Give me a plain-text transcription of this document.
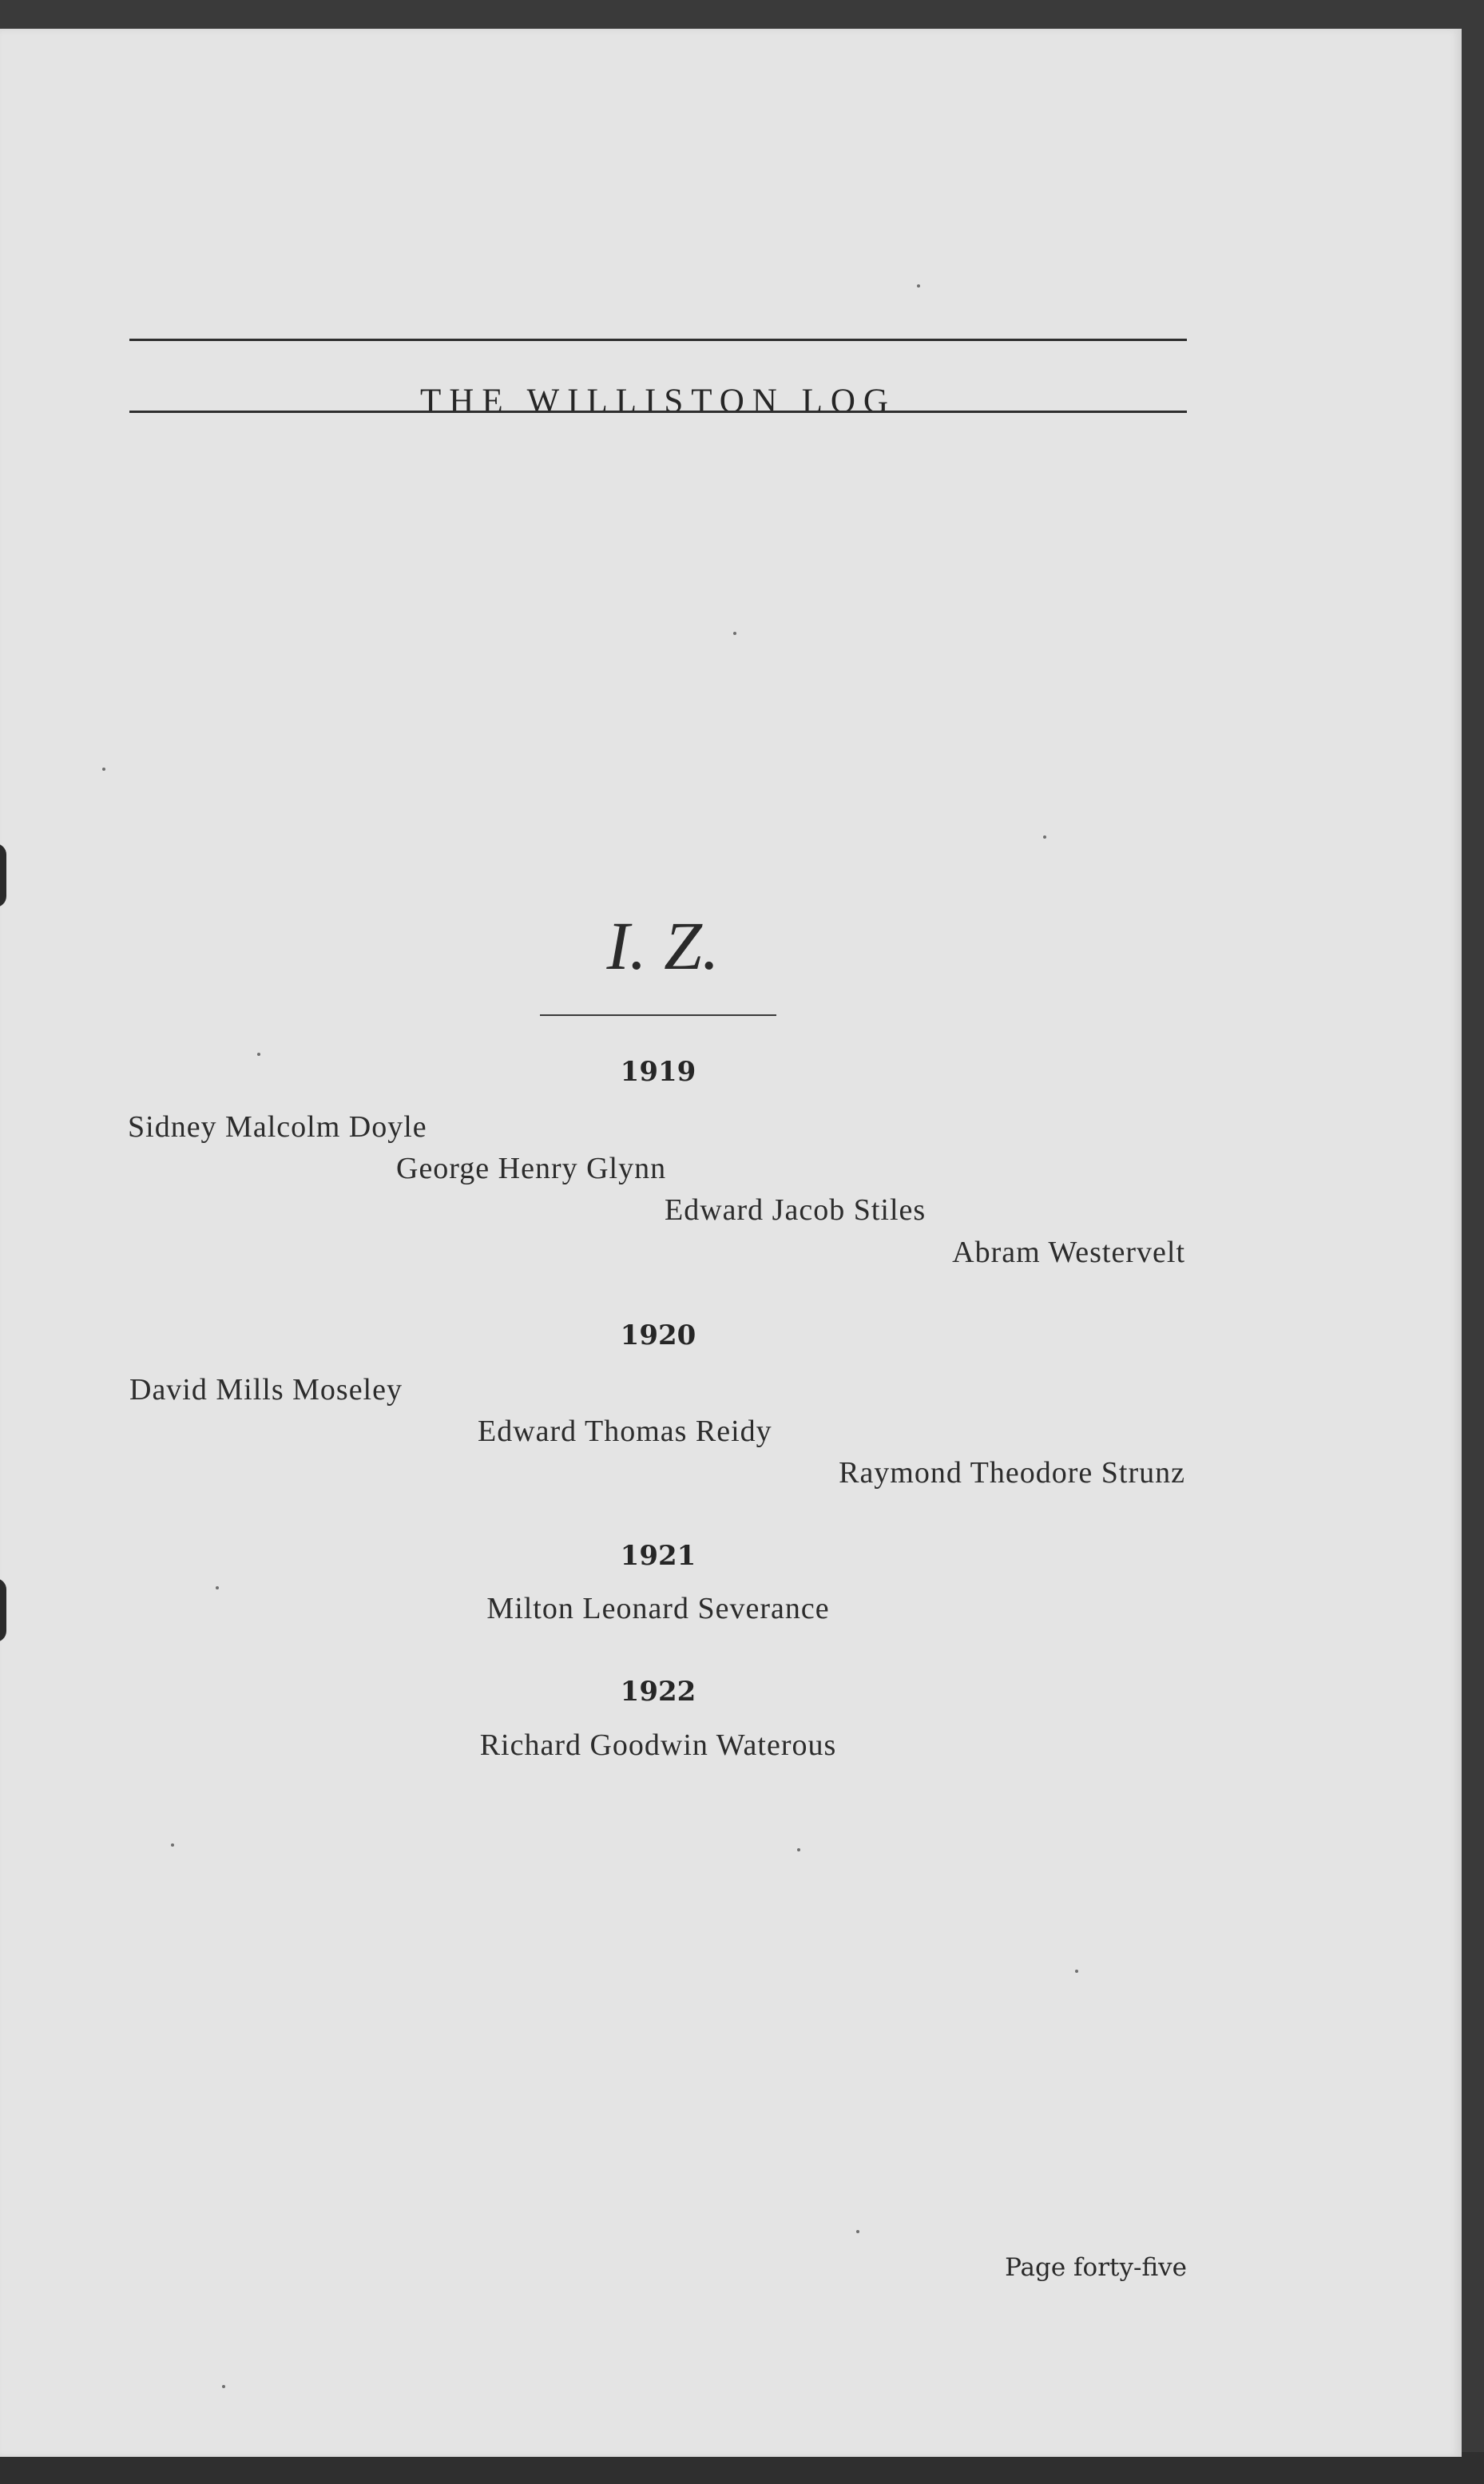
THE WILLISTON LOG
I. Z.
1919
Sidney Malcolm Doyle
George Henry Glynn
Edward Jacob Stiles
Abram Westervelt
1920
David Mills Moseley
Edward Thomas Reidy
Raymond Theodore Strunz
1921
Milton Leonard Severance
1922
Richard Goodwin Waterous
Page forty-five
